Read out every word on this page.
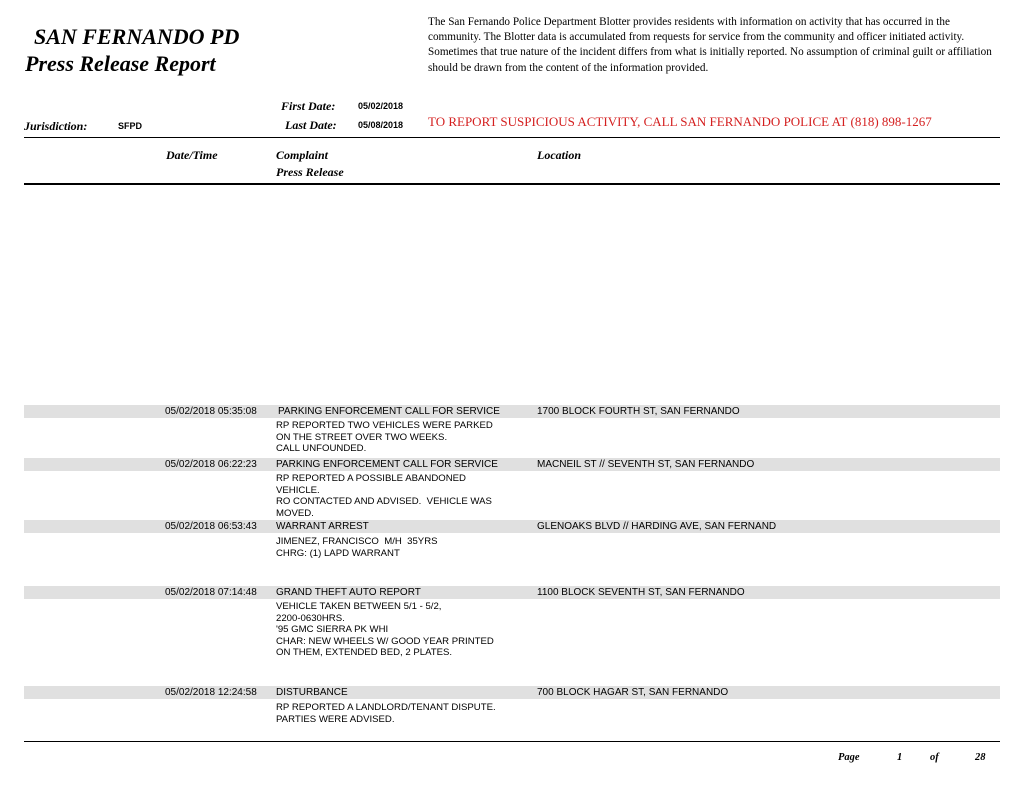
SAN FERNANDO PD
Press Release Report
The San Fernando Police Department Blotter provides residents with information on activity that has occurred in the community. The Blotter data is accumulated from requests for service from the community and officer initiated activity. Sometimes that true nature of the incident differs from what is initially reported. No assumption of criminal guilt or affiliation should be drawn from the content of the information provided.
First Date:	05/02/2018
Jurisdiction:	SFPD	Last Date: 05/08/2018 TO REPORT SUSPICIOUS ACTIVITY, CALL SAN FERNANDO POLICE AT (818) 898-1267
Date/Time	Complaint
Press Release
Location
05/02/2018 05:35:08 PARKING ENFORCEMENT CALL FOR SERVICE	1700 BLOCK FOURTH ST, SAN FERNANDO
RP REPORTED TWO VEHICLES WERE PARKED
ON THE STREET OVER TWO WEEKS.
CALL UNFOUNDED.
05/02/2018 06:22:23 PARKING ENFORCEMENT CALL FOR SERVICE	MACNEIL ST // SEVENTH ST, SAN FERNANDO
RP REPORTED A POSSIBLE ABANDONED
VEHICLE.
RO CONTACTED AND ADVISED.  VEHICLE WAS
MOVED.
05/02/2018 06:53:43 WARRANT ARREST	GLENOAKS BLVD // HARDING AVE, SAN FERNAND
JIMENEZ, FRANCISCO  M/H  35YRS
CHRG: (1) LAPD WARRANT
05/02/2018 07:14:48 GRAND THEFT AUTO REPORT	1100 BLOCK SEVENTH ST, SAN FERNANDO
VEHICLE TAKEN BETWEEN 5/1 - 5/2,
2200-0630HRS.
'95 GMC SIERRA PK WHI
CHAR: NEW WHEELS W/ GOOD YEAR PRINTED
ON THEM, EXTENDED BED, 2 PLATES.
05/02/2018 12:24:58 DISTURBANCE	700 BLOCK HAGAR ST, SAN FERNANDO
RP REPORTED A LANDLORD/TENANT DISPUTE.
PARTIES WERE ADVISED.
Page	1	of	28
